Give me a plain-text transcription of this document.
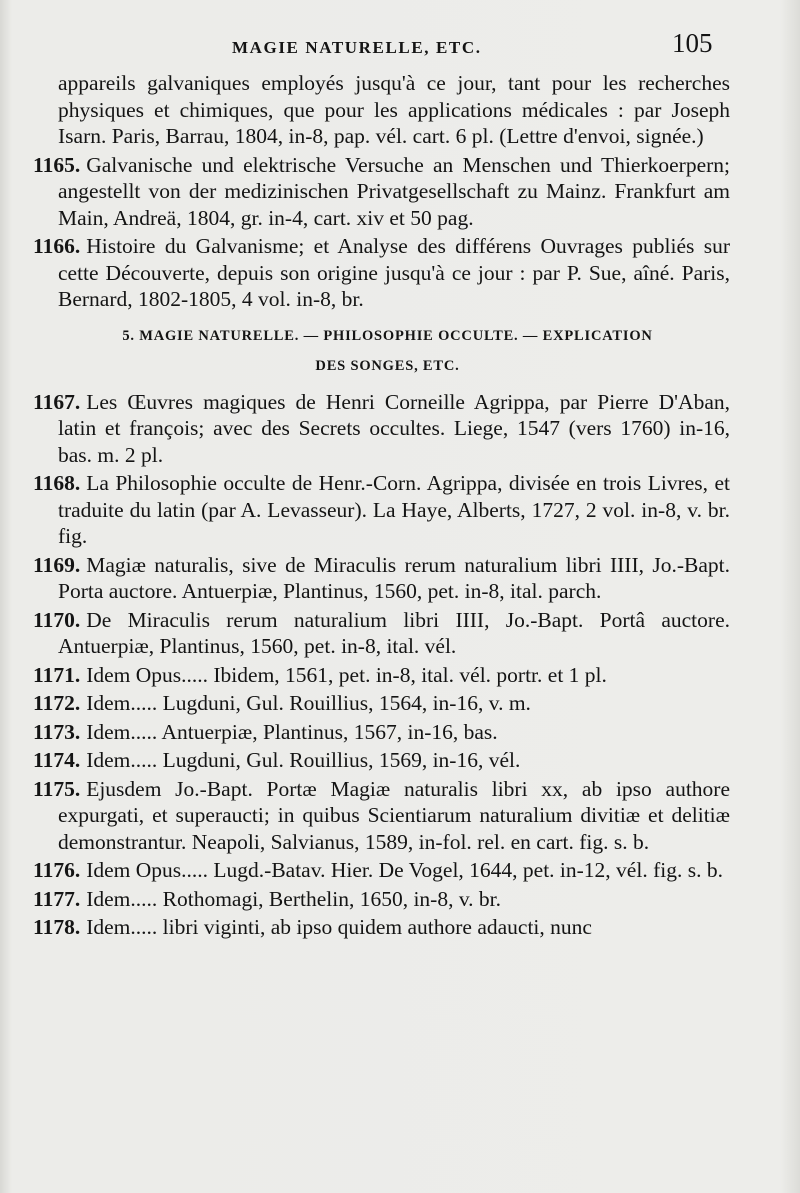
MAGIE NATURELLE, ETC.	105

appareils galvaniques employés jusqu'à ce jour, tant pour les recherches physiques et chimiques, que pour les applications médicales : par Joseph Isarn. Paris, Barrau, 1804, in-8, pap. vél. cart. 6 pl. (Lettre d'envoi, signée.)

1165. Galvanische und elektrische Versuche an Menschen und Thierkoerpern; angestellt von der medizinischen Privatgesellschaft zu Mainz. Frankfurt am Main, Andreä, 1804, gr. in-4, cart. xiv et 50 pag.
1166. Histoire du Galvanisme; et Analyse des différens Ouvrages publiés sur cette Découverte, depuis son origine jusqu'à ce jour : par P. Sue, aîné. Paris, Bernard, 1802-1805, 4 vol. in-8, br.
5. MAGIE NATURELLE. — PHILOSOPHIE OCCULTE. — EXPLICATION
DES SONGES, ETC.
1167. Les Œuvres magiques de Henri Corneille Agrippa, par Pierre D'Aban, latin et françois; avec des Secrets occultes. Liege, 1547 (vers 1760) in-16, bas. m. 2 pl.
1168. La Philosophie occulte de Henr.-Corn. Agrippa, divisée en trois Livres, et traduite du latin (par A. Levasseur). La Haye, Alberts, 1727, 2 vol. in-8, v. br. fig.
1169. Magiæ naturalis, sive de Miraculis rerum naturalium libri IIII, Jo.-Bapt. Porta auctore. Antuerpiæ, Plantinus, 1560, pet. in-8, ital. parch.
1170. De Miraculis rerum naturalium libri IIII, Jo.-Bapt. Portâ auctore. Antuerpiæ, Plantinus, 1560, pet. in-8, ital. vél.
1171. Idem Opus..... Ibidem, 1561, pet. in-8, ital. vél. portr. et 1 pl.
1172. Idem..... Lugduni, Gul. Rouillius, 1564, in-16, v. m.
1173. Idem..... Antuerpiæ, Plantinus, 1567, in-16, bas.
1174. Idem..... Lugduni, Gul. Rouillius, 1569, in-16, vél.
1175. Ejusdem Jo.-Bapt. Portæ Magiæ naturalis libri xx, ab ipso authore expurgati, et superaucti; in quibus Scientiarum naturalium divitiæ et delitiæ demonstrantur. Neapoli, Salvianus, 1589, in-fol. rel. en cart. fig. s. b.
1176. Idem Opus..... Lugd.-Batav. Hier. De Vogel, 1644, pet. in-12, vél. fig. s. b.
1177. Idem..... Rothomagi, Berthelin, 1650, in-8, v. br.
1178. Idem..... libri viginti, ab ipso quidem authore adaucti, nunc
